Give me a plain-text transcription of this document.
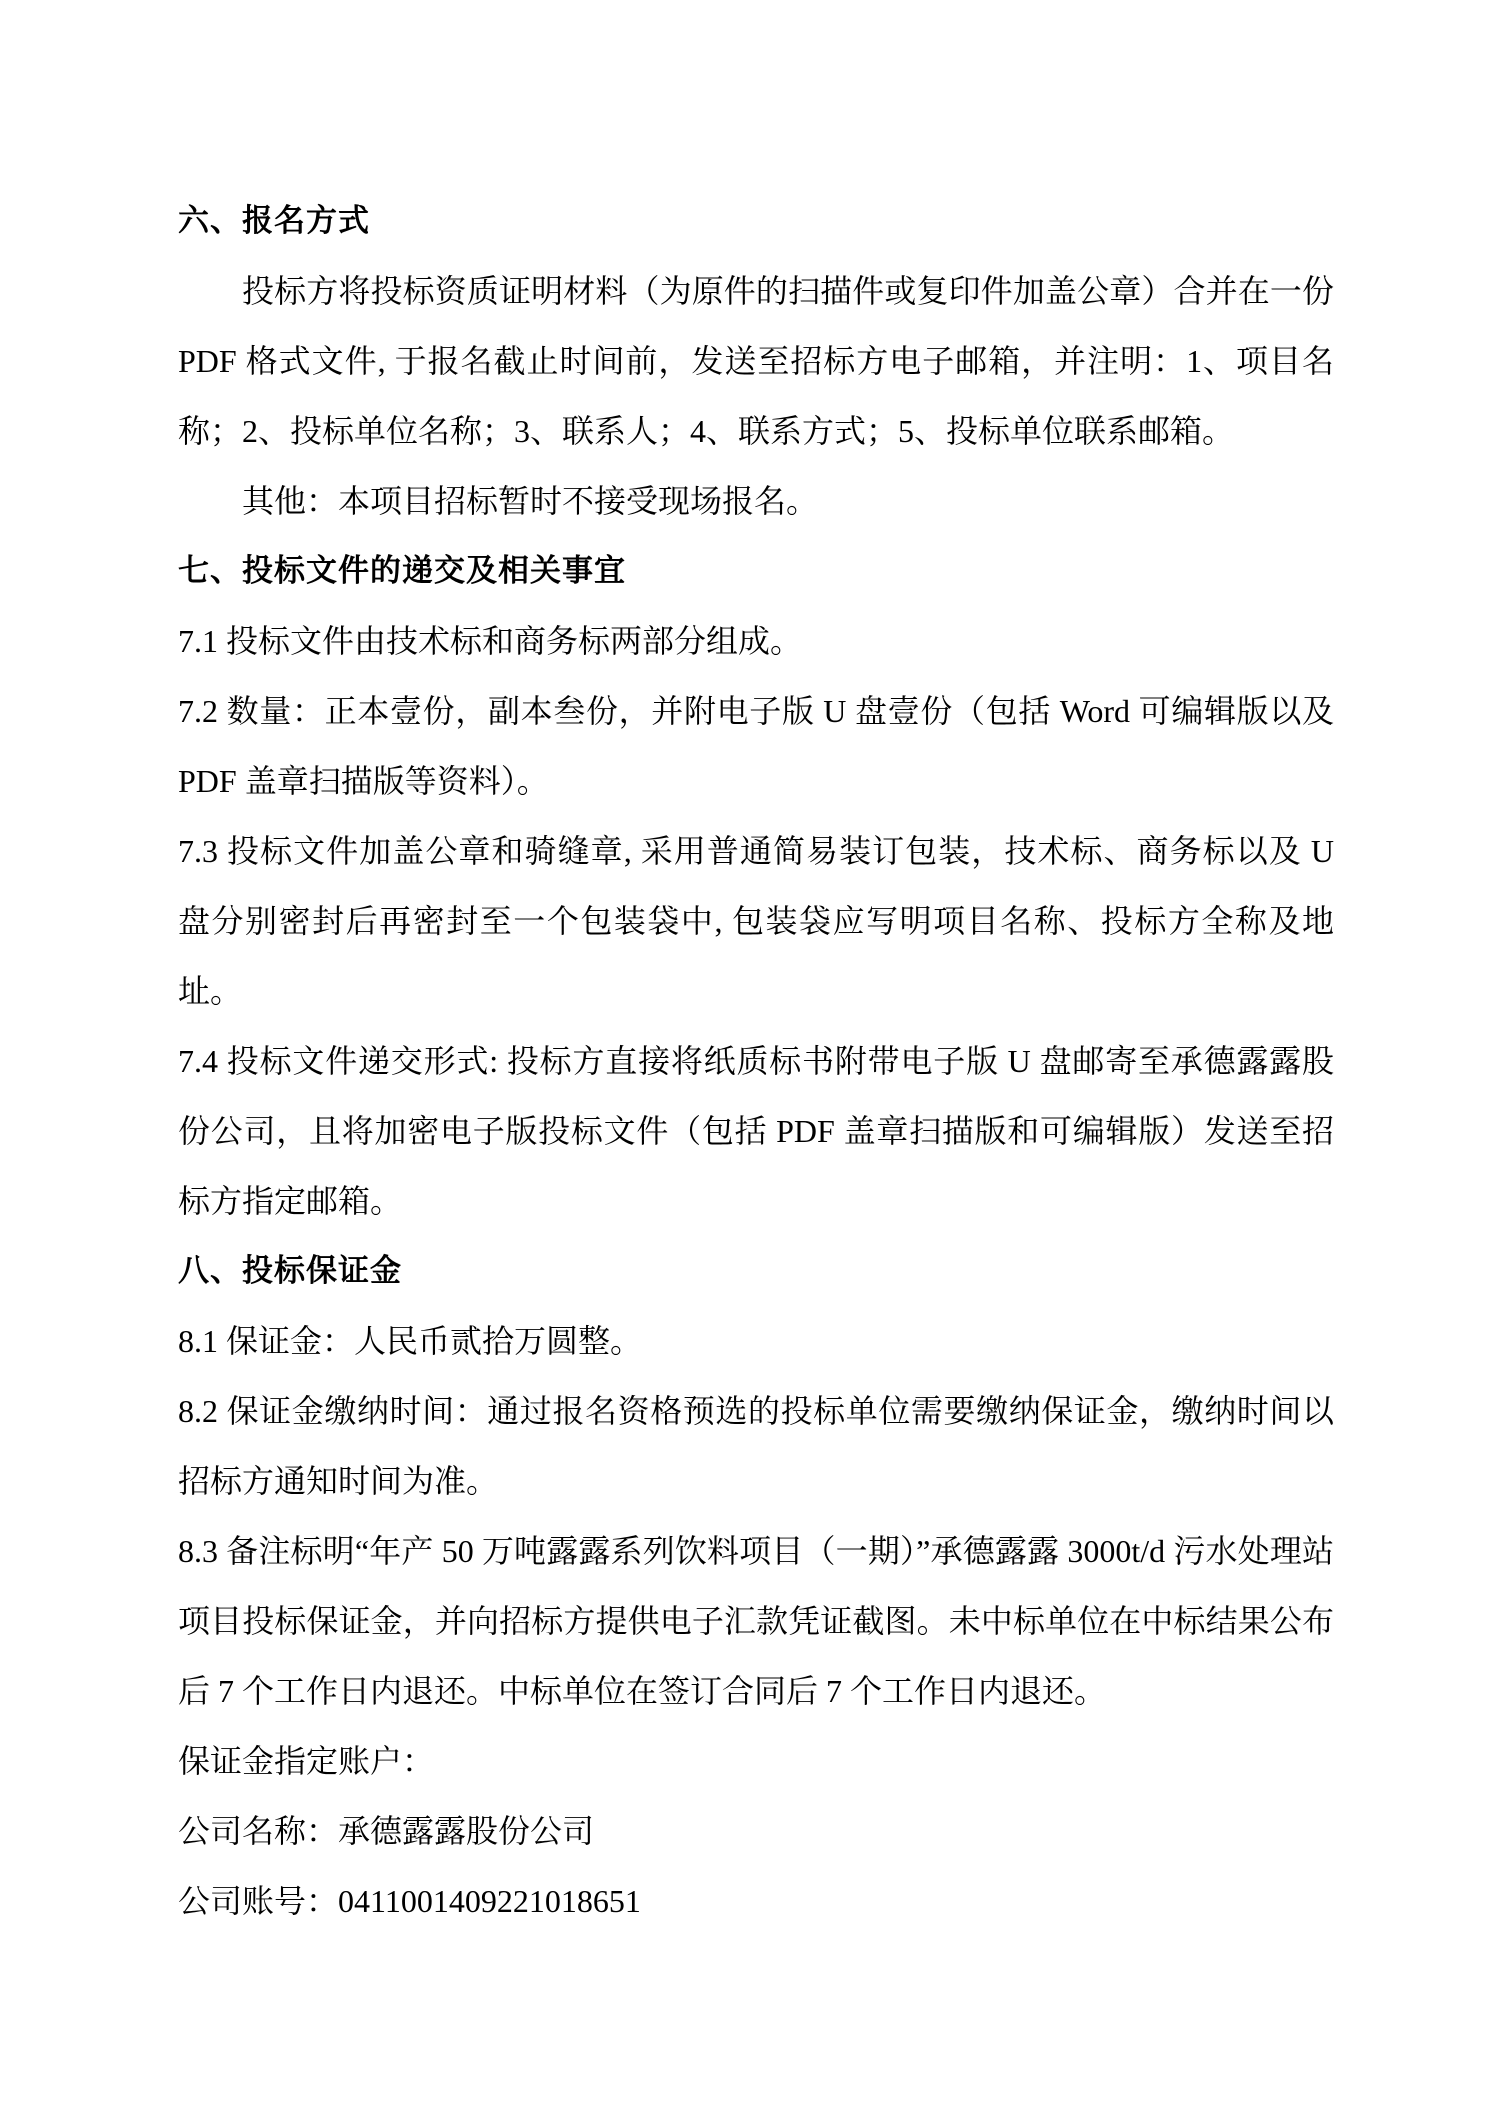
六、报名方式

投标方将投标资质证明材料（为原件的扫描件或复印件加盖公章）合并在一份 PDF 格式文件, 于报名截止时间前，发送至招标方电子邮箱，并注明：1、项目名称；2、投标单位名称；3、联系人；4、联系方式；5、投标单位联系邮箱。

其他：本项目招标暂时不接受现场报名。

七、投标文件的递交及相关事宜

7.1 投标文件由技术标和商务标两部分组成。

7.2 数量：正本壹份，副本叁份，并附电子版 U 盘壹份（包括 Word 可编辑版以及 PDF 盖章扫描版等资料）。

7.3 投标文件加盖公章和骑缝章, 采用普通简易装订包装，技术标、商务标以及 U 盘分别密封后再密封至一个包装袋中, 包装袋应写明项目名称、投标方全称及地址。

7.4 投标文件递交形式: 投标方直接将纸质标书附带电子版 U 盘邮寄至承德露露股份公司，且将加密电子版投标文件（包括 PDF 盖章扫描版和可编辑版）发送至招标方指定邮箱。

八、投标保证金

8.1 保证金：人民币贰拾万圆整。

8.2 保证金缴纳时间：通过报名资格预选的投标单位需要缴纳保证金，缴纳时间以招标方通知时间为准。

8.3 备注标明“年产 50 万吨露露系列饮料项目（一期）”承德露露 3000t/d 污水处理站项目投标保证金，并向招标方提供电子汇款凭证截图。未中标单位在中标结果公布后 7 个工作日内退还。中标单位在签订合同后 7 个工作日内退还。

保证金指定账户：

公司名称：承德露露股份公司

公司账号：0411001409221018651
